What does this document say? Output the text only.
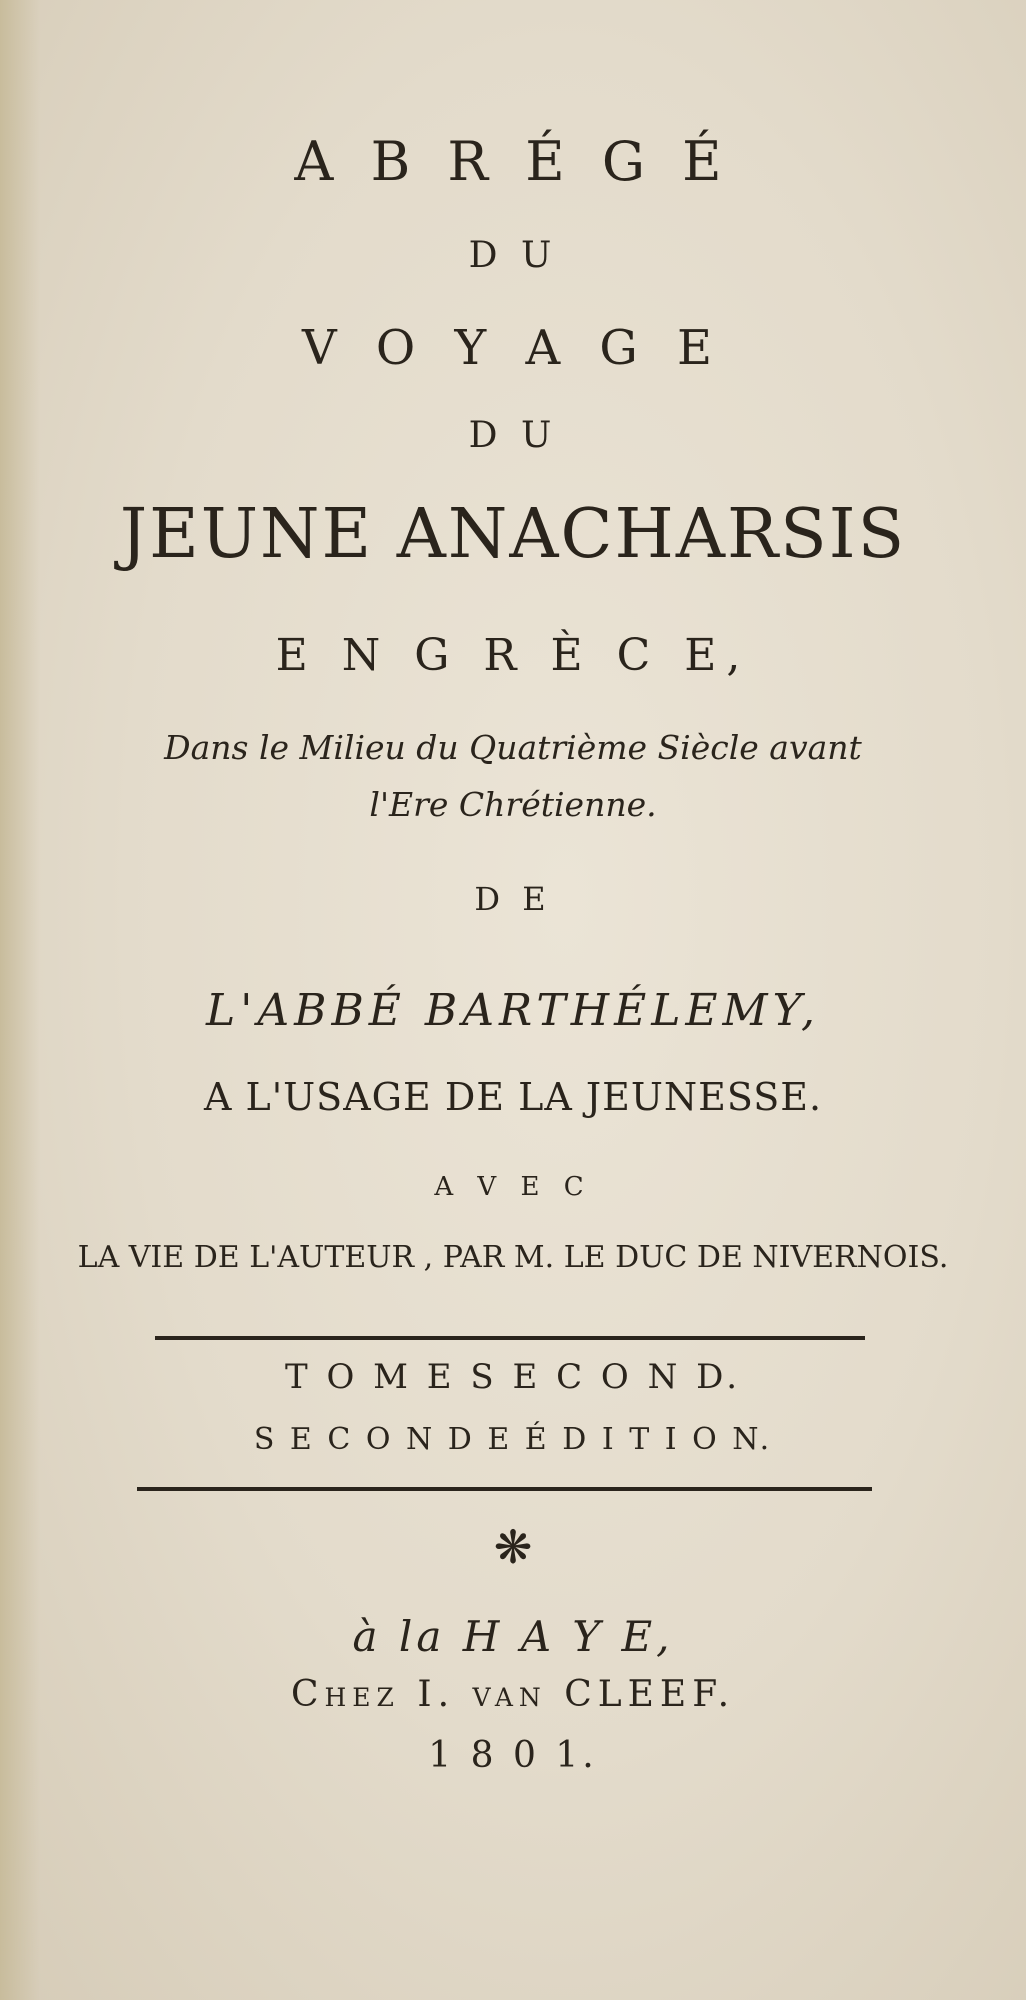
A B R É G É
D U
V O Y A G E
D U
JEUNE ANACHARSIS
E N G R È C E,
Dans le Milieu du Quatrième Siècle avant
l'Ere Chrétienne.
D E
L'ABBÉ BARTHÉLEMY,
A L'USAGE DE LA JEUNESSE.
A V E C
LA VIE DE L'AUTEUR , PAR M. LE DUC DE NIVERNOIS.
T O M E S E C O N D.
S E C O N D E É D I T I O N.
❋
à la H A Y E,
Chez I. van CLEEF.
1 8 0 1.
